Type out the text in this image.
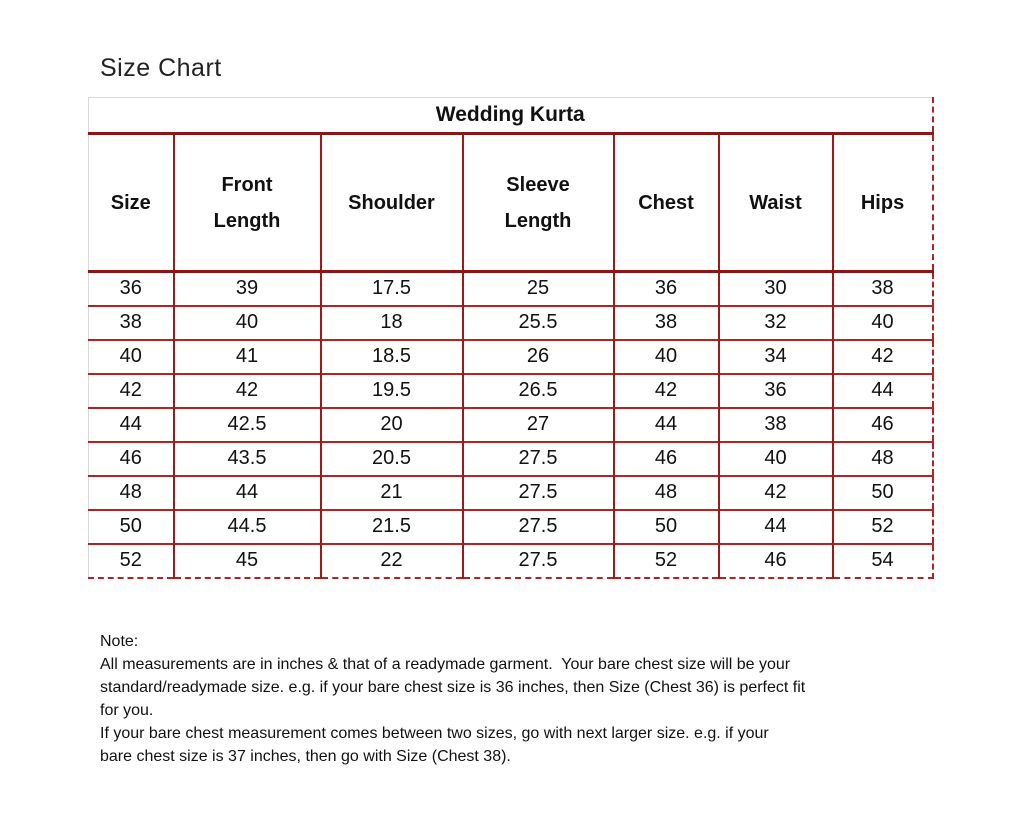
Size Chart
Wedding Kurta						
Size	Front Length	Shoulder	Sleeve Length	Chest	Waist	Hips
36	39	17.5	25	36	30	38
38	40	18	25.5	38	32	40
40	41	18.5	26	40	34	42
42	42	19.5	26.5	42	36	44
44	42.5	20	27	44	38	46
46	43.5	20.5	27.5	46	40	48
48	44	21	27.5	48	42	50
50	44.5	21.5	27.5	50	44	52
52	45	22	27.5	52	46	54
Note:
All measurements are in inches & that of a readymade garment.  Your bare chest size will be your
standard/readymade size. e.g. if your bare chest size is 36 inches, then Size (Chest 36) is perfect fit
for you.
If your bare chest measurement comes between two sizes, go with next larger size. e.g. if your
bare chest size is 37 inches, then go with Size (Chest 38).
